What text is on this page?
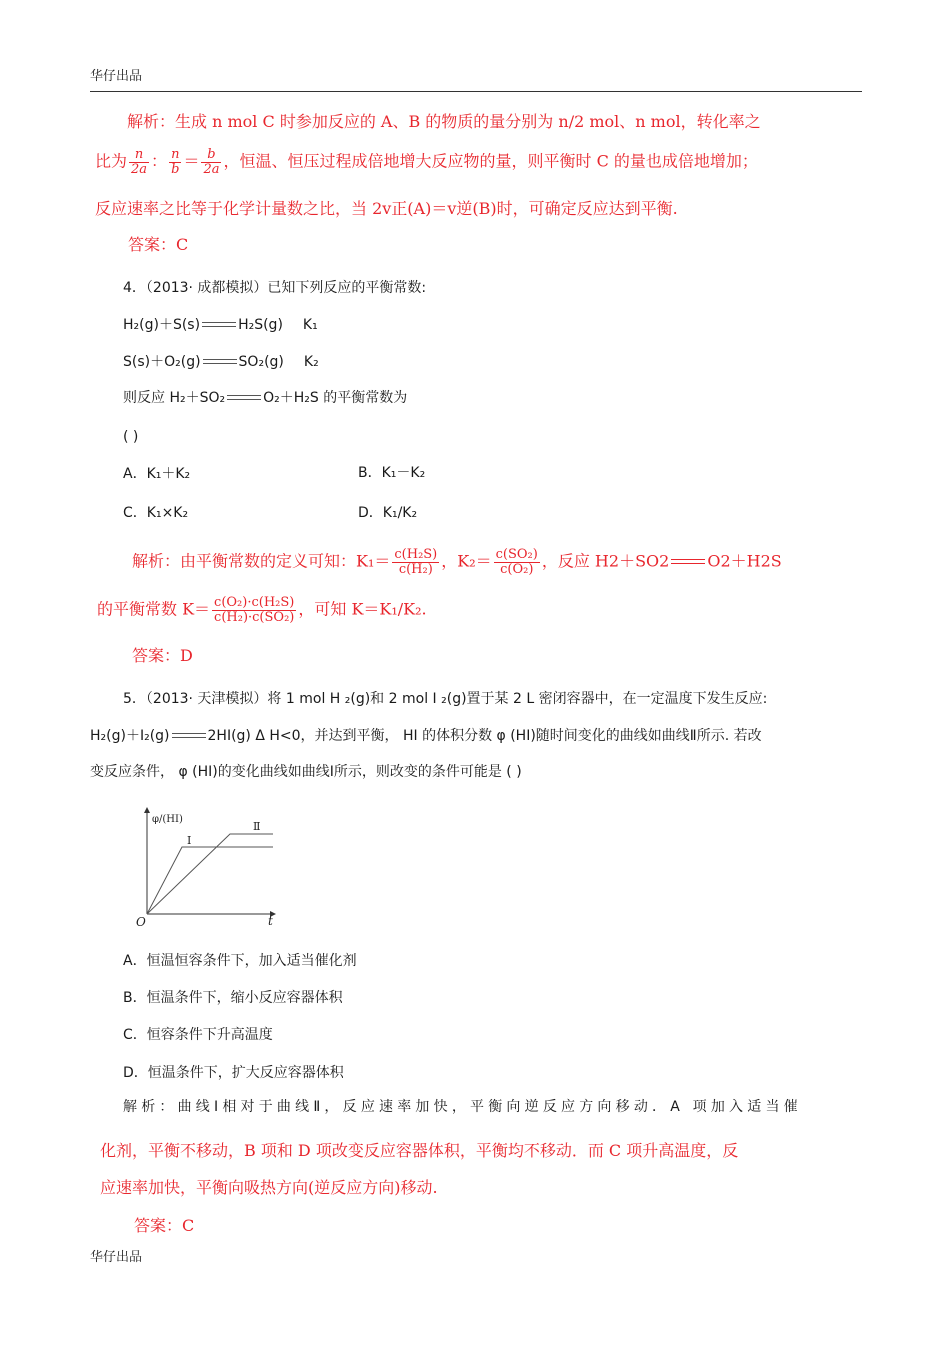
华仔出品
解析：生成 n mol C 时参加反应的 A、B 的物质的量分别为 n/2 mol、n mol，转化率之
比为 $\frac{n}{2a}$ ： $\frac{n}{b} = \frac{b}{2a}$ ，恒温、恒压过程成倍地增大反应物的量，则平衡时 C 的量也成倍地增加；
反应速率之比等于化学计量数之比，当 2v正(A)＝v逆(B)时，可确定反应达到平衡.
答案：C
4．（2013· 成都模拟）已知下列反应的平衡常数:
H₂(g)＋S(s)	H₂S(g) K₁
S(s)＋O₂(g)	SO₂(g) K₂
则反应 H₂＋SO₂	O₂＋H₂S 的平衡常数为
( )
A．K₁＋K₂	B．K₁－K₂
C．K₁×K₂	D．K₁/K₂
解析：由平衡常数的定义可知：$K_1= \frac{\text{c(H₂S)}}{\text{c(H₂)}}$ ，$K_2= \frac{\text{c(SO₂)}}{\text{c(O₂)}}$ ，反应 H2＋SO2 O2＋H2S
的平衡常数 $K= \frac{\text{c(O₂)·c(H₂S)}}{\text{c(H₂)·c(SO₂)}}$ ，可知 K＝K₁/K₂.
答案：D
5．（2013· 天津模拟）将 1 mol H ₂(g)和 2 mol I ₂(g)置于某 2 L 密闭容器中，在一定温度下发生反应:
H₂(g)＋I₂(g)	2HI(g) Δ H<0，并达到平衡， HI 的体积分数 φ (HI)随时间变化的曲线如曲线Ⅱ所示. 若改
变反应条件， φ (HI)的变化曲线如曲线Ⅰ所示，则改变的条件可能是 ( )
φ/(HI)
t
O
Ⅰ
Ⅱ
A．恒温恒容条件下，加入适当催化剂
B．恒温条件下，缩小反应容器体积
C．恒容条件下升高温度
D．恒温条件下，扩大反应容器体积
解析：曲线Ⅰ相对于曲线Ⅱ，反应速率加快，平衡向逆反应方向移动．A 项加入适当催
化剂，平衡不移动，B 项和 D 项改变反应容器体积，平衡均不移动．而 C 项升高温度，反
应速率加快，平衡向吸热方向(逆反应方向)移动.
答案：C
华仔出品
